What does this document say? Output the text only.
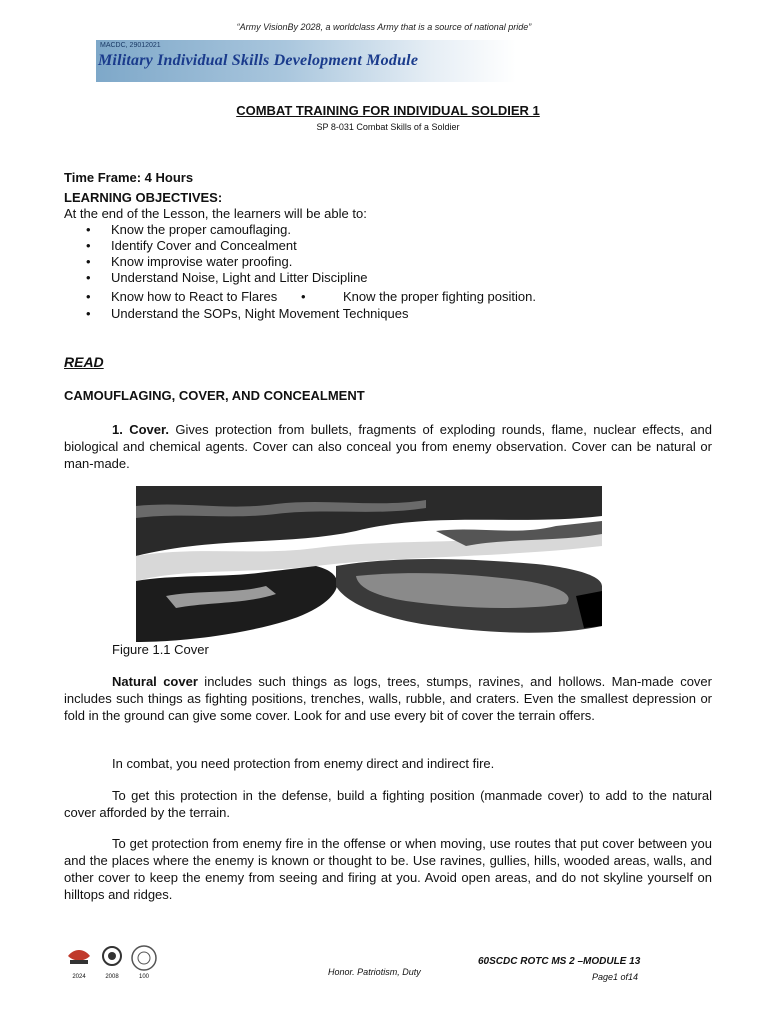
“Army VisionBy 2028, a worldclass Army that is a source of national pride”
MACDC, 29012021
Military Individual Skills Development Module
COMBAT TRAINING FOR INDIVIDUAL SOLDIER 1
SP 8-031 Combat Skills of a Soldier
Time Frame: 4 Hours
LEARNING OBJECTIVES:
At the end of the Lesson, the learners will be able to:
• Know the proper camouflaging.
• Identify Cover and Concealment
• Know improvise water proofing.
• Understand Noise, Light and Litter Discipline
• Know how to React to Flares •	Know the proper fighting position.
• Understand the SOPs, Night Movement Techniques
READ
CAMOUFLAGING, COVER, AND CONCEALMENT
1. Cover. Gives protection from bullets, fragments of exploding rounds, flame, nuclear effects, and biological and chemical agents. Cover can also conceal you from enemy observation. Cover can be natural or man-made.
Figure 1.1 Cover
Natural cover includes such things as logs, trees, stumps, ravines, and hollows. Man-made cover includes such things as fighting positions, trenches, walls, rubble, and craters. Even the smallest depression or fold in the ground can give some cover. Look for and use every bit of cover the terrain offers.
In combat, you need protection from enemy direct and indirect fire.
To get this protection in the defense, build a fighting position (manmade cover) to add to the natural cover afforded by the terrain.
To get protection from enemy fire in the offense or when moving, use routes that put cover between you and the places where the enemy is known or thought to be. Use ravines, gullies, hills, wooded areas, walls, and other cover to keep the enemy from seeing and firing at you. Avoid open areas, and do not skyline yourself on hilltops and ridges.
2024	2008	100	Honor. Patriotism, Duty
60SCDC ROTC MS 2 –MODULE 13
Page1 of14
